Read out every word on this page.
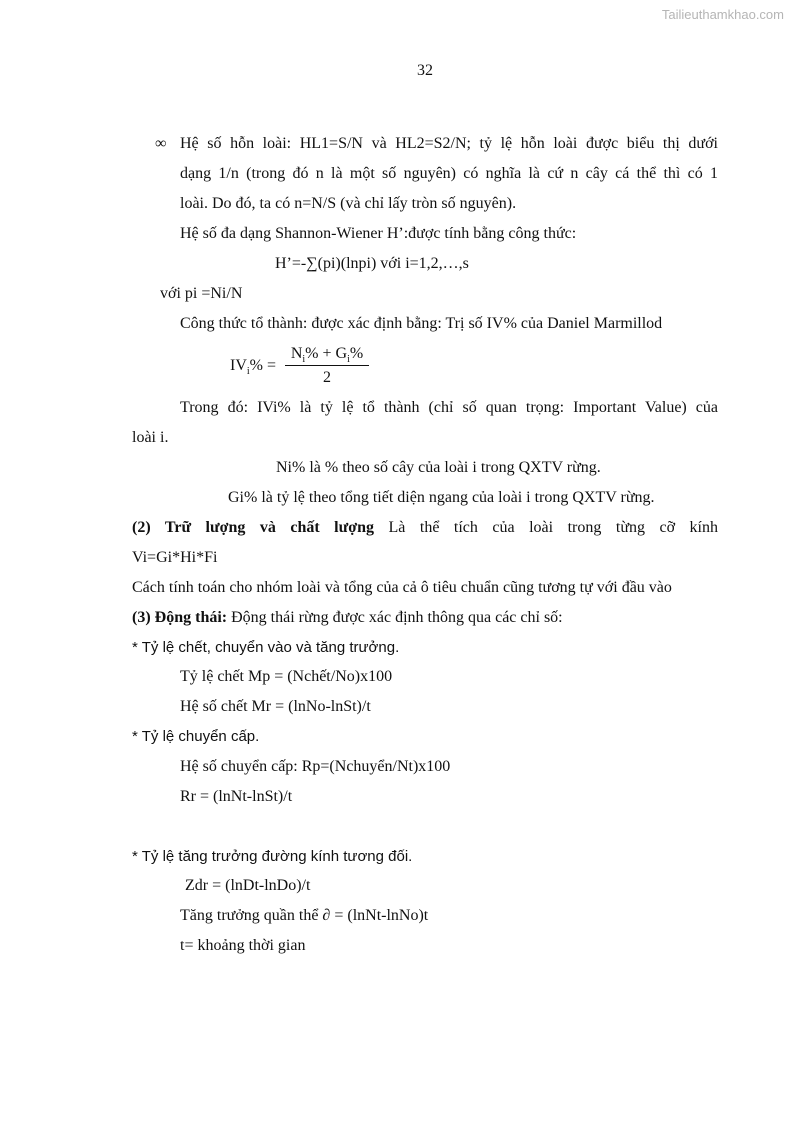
Tailieuthamkhao.com
32
∞ Hệ số hỗn loài: HL1=S/N và HL2=S2/N; tỷ lệ hỗn loài được biểu thị dưới
dạng 1/n (trong đó n là một số nguyên) có nghĩa là cứ n cây cá thể thì có 1
loài. Do đó, ta có n=N/S (và chỉ lấy tròn số nguyên).
Hệ số đa dạng Shannon-Wiener H’:được tính bằng công thức:
H’=-∑(pi)(lnpi) với i=1,2,…,s
với pi =Ni/N
Công thức tổ thành: được xác định bằng: Trị số IV% của Daniel Marmillod
$IV_i\%$ =
$N_i\% + G_i\%$
2
Trong đó: IVi% là tỷ lệ tổ thành (chỉ số quan trọng: Important Value) của
loài i.
Ni% là % theo số cây của loài i trong QXTV rừng.
Gi% là tỷ lệ theo tổng tiết diện ngang của loài i trong QXTV rừng.
(2) Trữ lượng và chất lượng Là thể tích của loài trong từng cỡ kính
Vi=Gi*Hi*Fi
Cách tính toán cho nhóm loài và tổng của cả ô tiêu chuẩn cũng tương tự với đầu vào
(3) Động thái: Động thái rừng được xác định thông qua các chỉ số:
* Tỷ lệ chết, chuyển vào và tăng trưởng.
Tỷ lệ chết Mp = (Nchết/No)x100
Hệ số chết Mr = (lnNo-lnSt)/t
* Tỷ lệ chuyển cấp.
Hệ số chuyển cấp: Rp=(Nchuyển/Nt)x100
Rr = (lnNt-lnSt)/t
* Tỷ lệ tăng trưởng đường kính tương đối.
Zdr = (lnDt-lnDo)/t
Tăng trưởng quần thể ∂ = (lnNt-lnNo)t
t= khoảng thời gian
